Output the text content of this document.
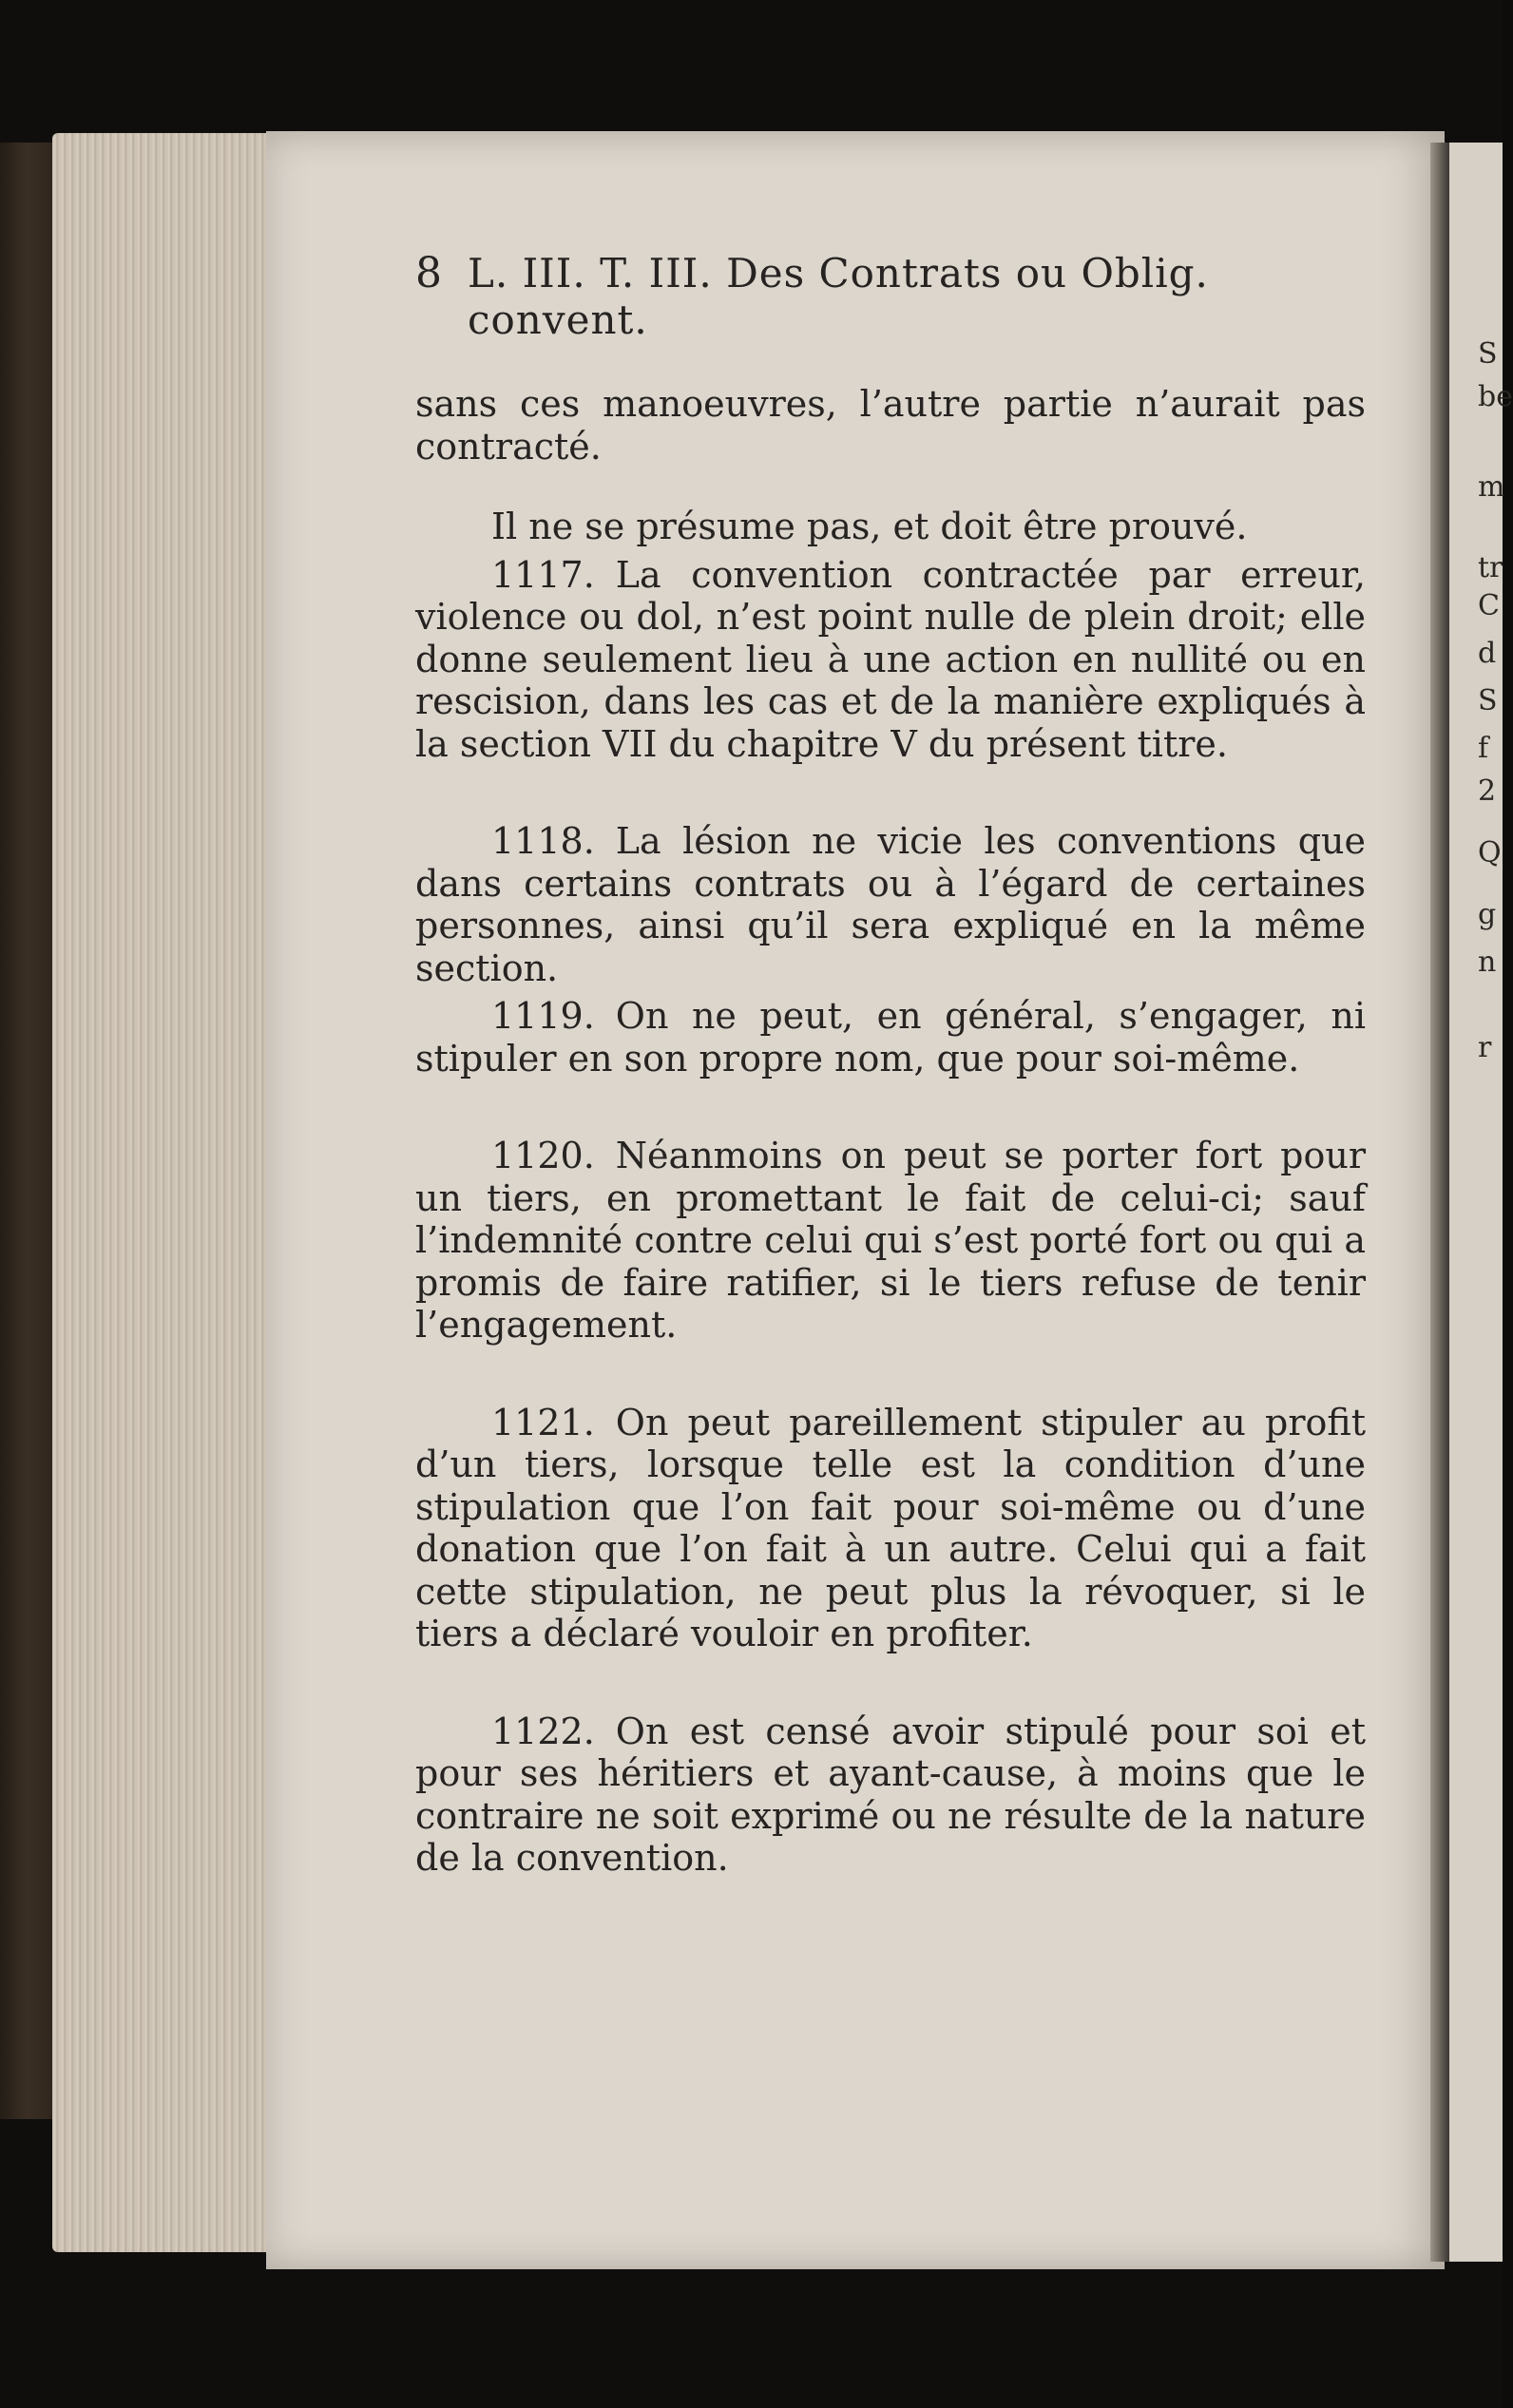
S
be
m
tr
C
d
S
f
2
Q
g
n
r
8 L. III. T. III. Des Contrats ou Oblig. convent.

sans ces manoeuvres, l’autre partie n’aurait pas contracté.

Il ne se présume pas, et doit être prouvé.

1117. La convention contractée par erreur, violence ou dol, n’est point nulle de plein droit; elle donne seulement lieu à une action en nullité ou en rescision, dans les cas et de la manière expliqués à la section VII du chapitre V du présent titre.

1118. La lésion ne vicie les conventions que dans certains contrats ou à l’égard de certaines personnes, ainsi qu’il sera expliqué en la même section.

1119. On ne peut, en général, s’engager, ni stipuler en son propre nom, que pour soi-même.

1120. Néanmoins on peut se porter fort pour un tiers, en promettant le fait de celui-ci; sauf l’indemnité contre celui qui s’est porté fort ou qui a promis de faire ratifier, si le tiers refuse de tenir l’engagement.

1121. On peut pareillement stipuler au profit d’un tiers, lorsque telle est la condition d’une stipulation que l’on fait pour soi-même ou d’une donation que l’on fait à un autre. Celui qui a fait cette stipulation, ne peut plus la révoquer, si le tiers a déclaré vouloir en profiter.

1122. On est censé avoir stipulé pour soi et pour ses héritiers et ayant-cause, à moins que le contraire ne soit exprimé ou ne résulte de la nature de la convention.
